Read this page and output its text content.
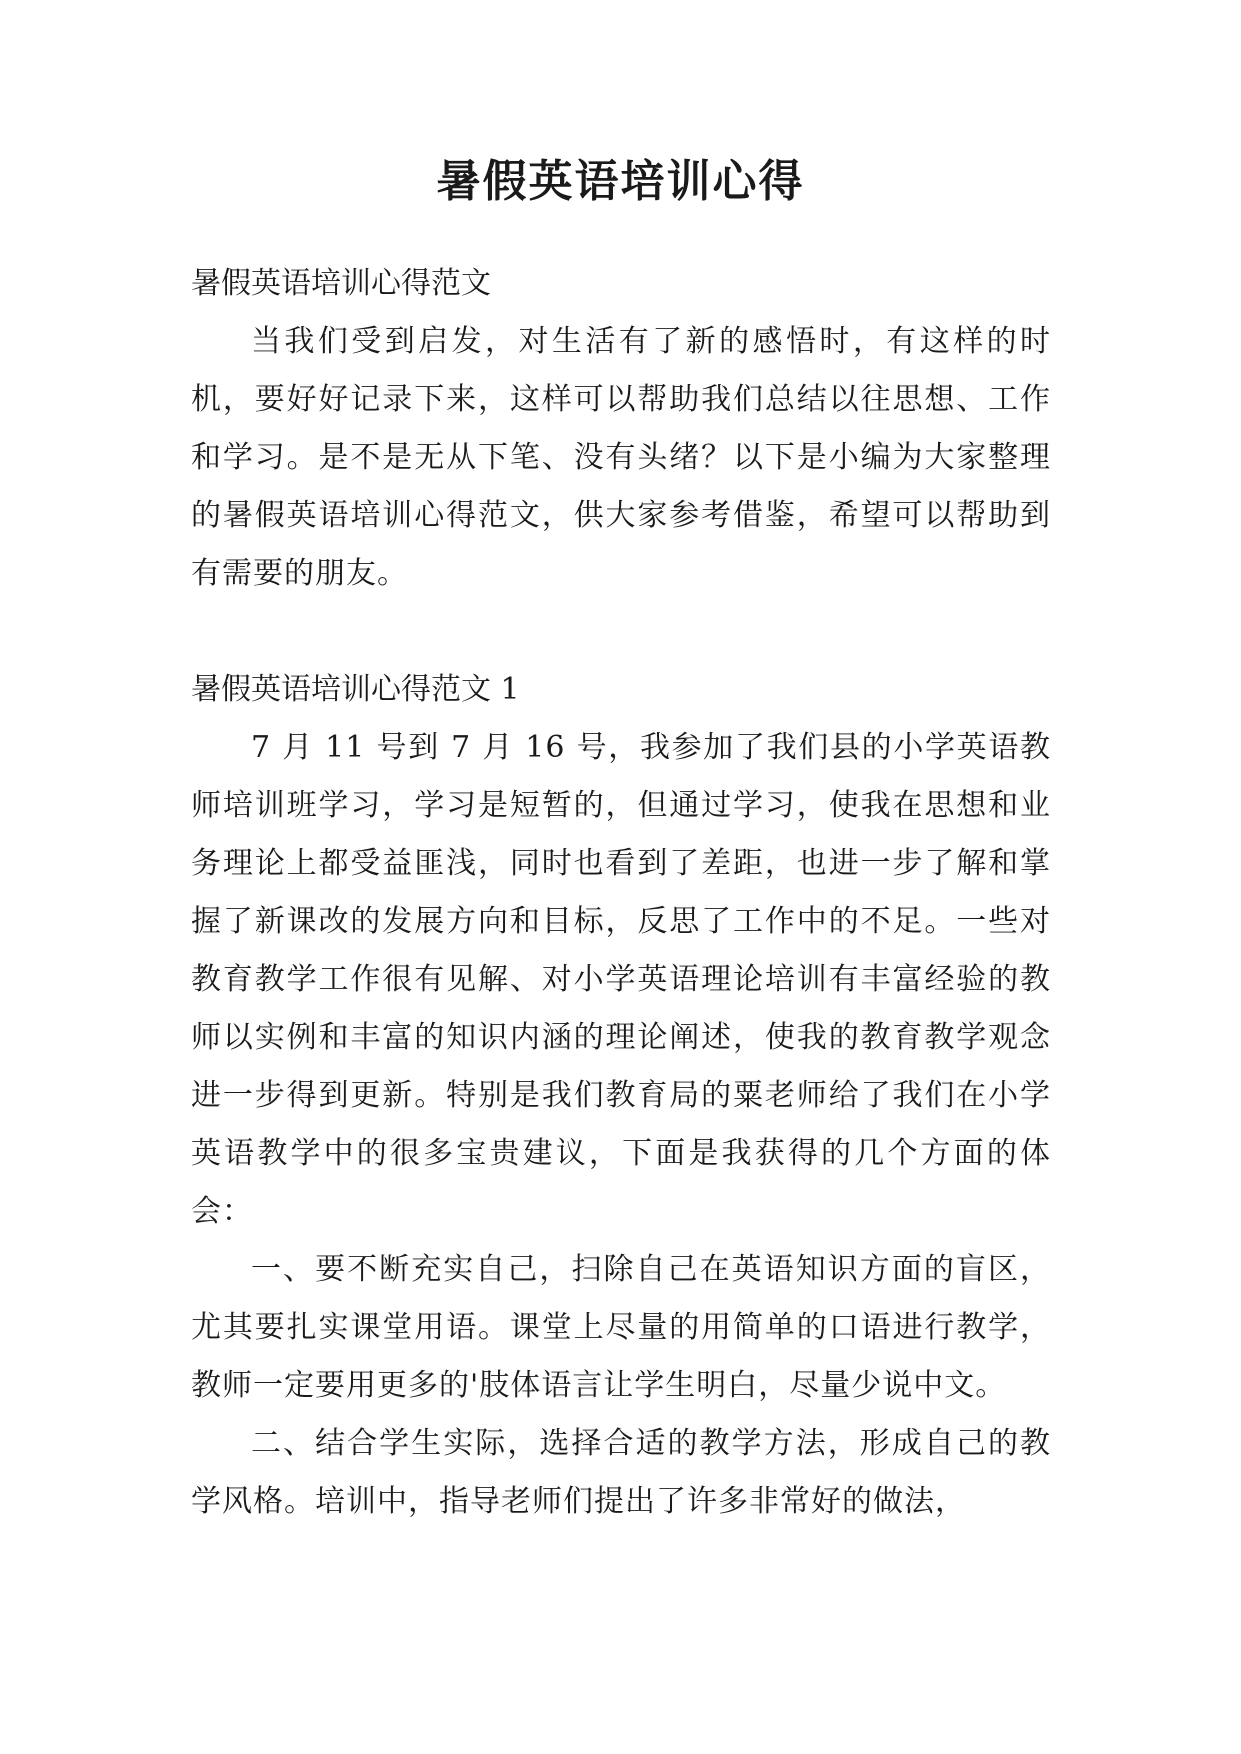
暑假英语培训心得

暑假英语培训心得范文

当我们受到启发，对生活有了新的感悟时，有这样的时机，要好好记录下来，这样可以帮助我们总结以往思想、工作和学习。是不是无从下笔、没有头绪？以下是小编为大家整理的暑假英语培训心得范文，供大家参考借鉴，希望可以帮助到有需要的朋友。

暑假英语培训心得范文 1

7 月 11 号到 7 月 16 号，我参加了我们县的小学英语教师培训班学习，学习是短暂的，但通过学习，使我在思想和业务理论上都受益匪浅，同时也看到了差距，也进一步了解和掌握了新课改的发展方向和目标，反思了工作中的不足。一些对教育教学工作很有见解、对小学英语理论培训有丰富经验的教师以实例和丰富的知识内涵的理论阐述，使我的教育教学观念进一步得到更新。特别是我们教育局的粟老师给了我们在小学英语教学中的很多宝贵建议，下面是我获得的几个方面的体会：

一、要不断充实自己，扫除自己在英语知识方面的盲区，尤其要扎实课堂用语。课堂上尽量的用简单的口语进行教学，教师一定要用更多的'肢体语言让学生明白，尽量少说中文。

二、结合学生实际，选择合适的教学方法，形成自己的教学风格。培训中，指导老师们提出了许多非常好的做法，
